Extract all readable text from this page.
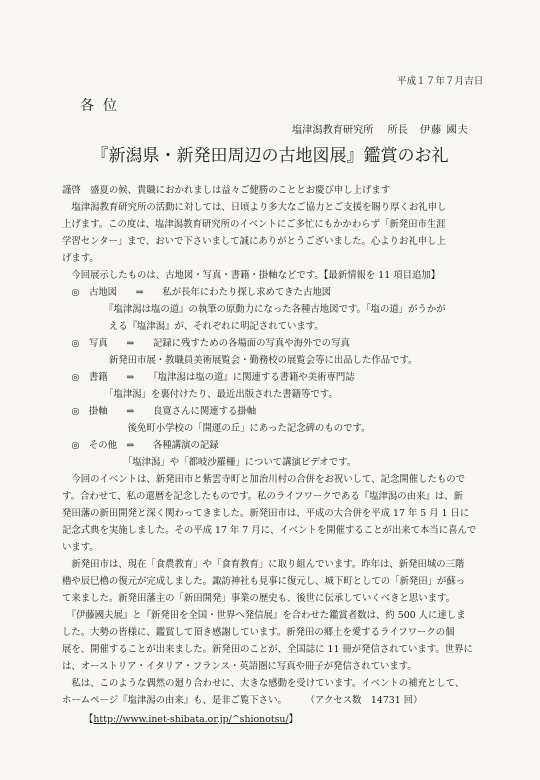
平成１７年７月吉日
各位
塩津潟教育研究所 所長 伊藤 國夫
『新潟県・新発田周辺の古地図展』鑑賞のお礼
謹啓　盛夏の候、貴職におかれましは益々ご健勝のこととお慶び申し上げます
　塩津潟教育研究所の活動に対しては、日頃より多大なご協力とご支援を賜り厚くお礼申し
上げます。この度は、塩津潟教育研究所のイベントにご多忙にもかかわらず「新発田市生涯
学習センター」まで、おいで下さいまして誠にありがとうございました。心よりお礼申し上
げます。
　今回展示したものは、古地図・写真・書籍・掛軸などです。【最新情報を 11 項目追加】
　◎　古地図　　⇒　　私が長年にわたり探し求めてきた古地図
　　　　　『塩津潟は塩の道』の執筆の原動力になった各種古地図です。「塩の道」がうかが
　　　　　える『塩津潟』が、それぞれに明記されています。
　◎　写真　　⇒　　記録に残すための各場面の写真や海外での写真
　　　　　新発田市展・教職員美術展覧会・勤務校の展覧会等に出品した作品です。
　◎　書籍　　⇒　　『塩津潟は塩の道』に関連する書籍や美術専門誌
　　　　　「塩津潟」を裏付けたり、最近出版された書籍等です。
　◎　掛軸　　⇒　　良寛さんに関連する掛軸
　　　　　　　後免町小学校の「開運の丘」にあった記念碑のものです。
　◎　その他　⇒　　各種講演の記録
　　　　　　　「塩津潟」や「都岐沙羅柵」について講演ビデオです。
　今回のイベントは、新発田市と紫雲寺町と加治川村の合併をお祝いして、記念開催したもので
す。合わせて、私の還暦を記念したものです。私のライフワークである『塩津潟の由来』は、新
発田藩の新田開発と深く関わってきました。新発田市は、平成の大合併を平成 17 年 5 月 1 日に
記念式典を実施しました。その平成 17 年 7 月に、イベントを開催することが出来て本当に喜んで
います。
　新発田市は、現在「食農教育」や「食育教育」に取り組んでいます。昨年は、新発田城の三階
櫓や辰巳櫓の復元が完成しました。諏訪神社も見事に復元し、城下町としての「新発田」が蘇っ
て来ました。新発田藩主の「新田開発」事業の歴史も、後世に伝承していくべきと思います。
　『伊藤國夫展』と『新発田を全国・世界へ発信展』を合わせた鑑賞者数は、約 500 人に達しま
した。大勢の皆様に、鑑賞して頂き感謝しています。新発田の郷土を愛するライフワークの個
展を、開催することが出来ました。新発田のことが、全国誌に 11 冊が発信されています。世界に
は、オーストリア・イタリア・フランス・英語圏に写真や冊子が発信されています。
　私は、このような偶然の廻り合わせに、大きな感動を受けています。イベントの補充として、
ホームページ『塩津潟の由来』も、是非ご覧下さい。　　　（アクセス数　14731 回）
【http://www.inet-shibata.or.jp/^shionotsu/】
